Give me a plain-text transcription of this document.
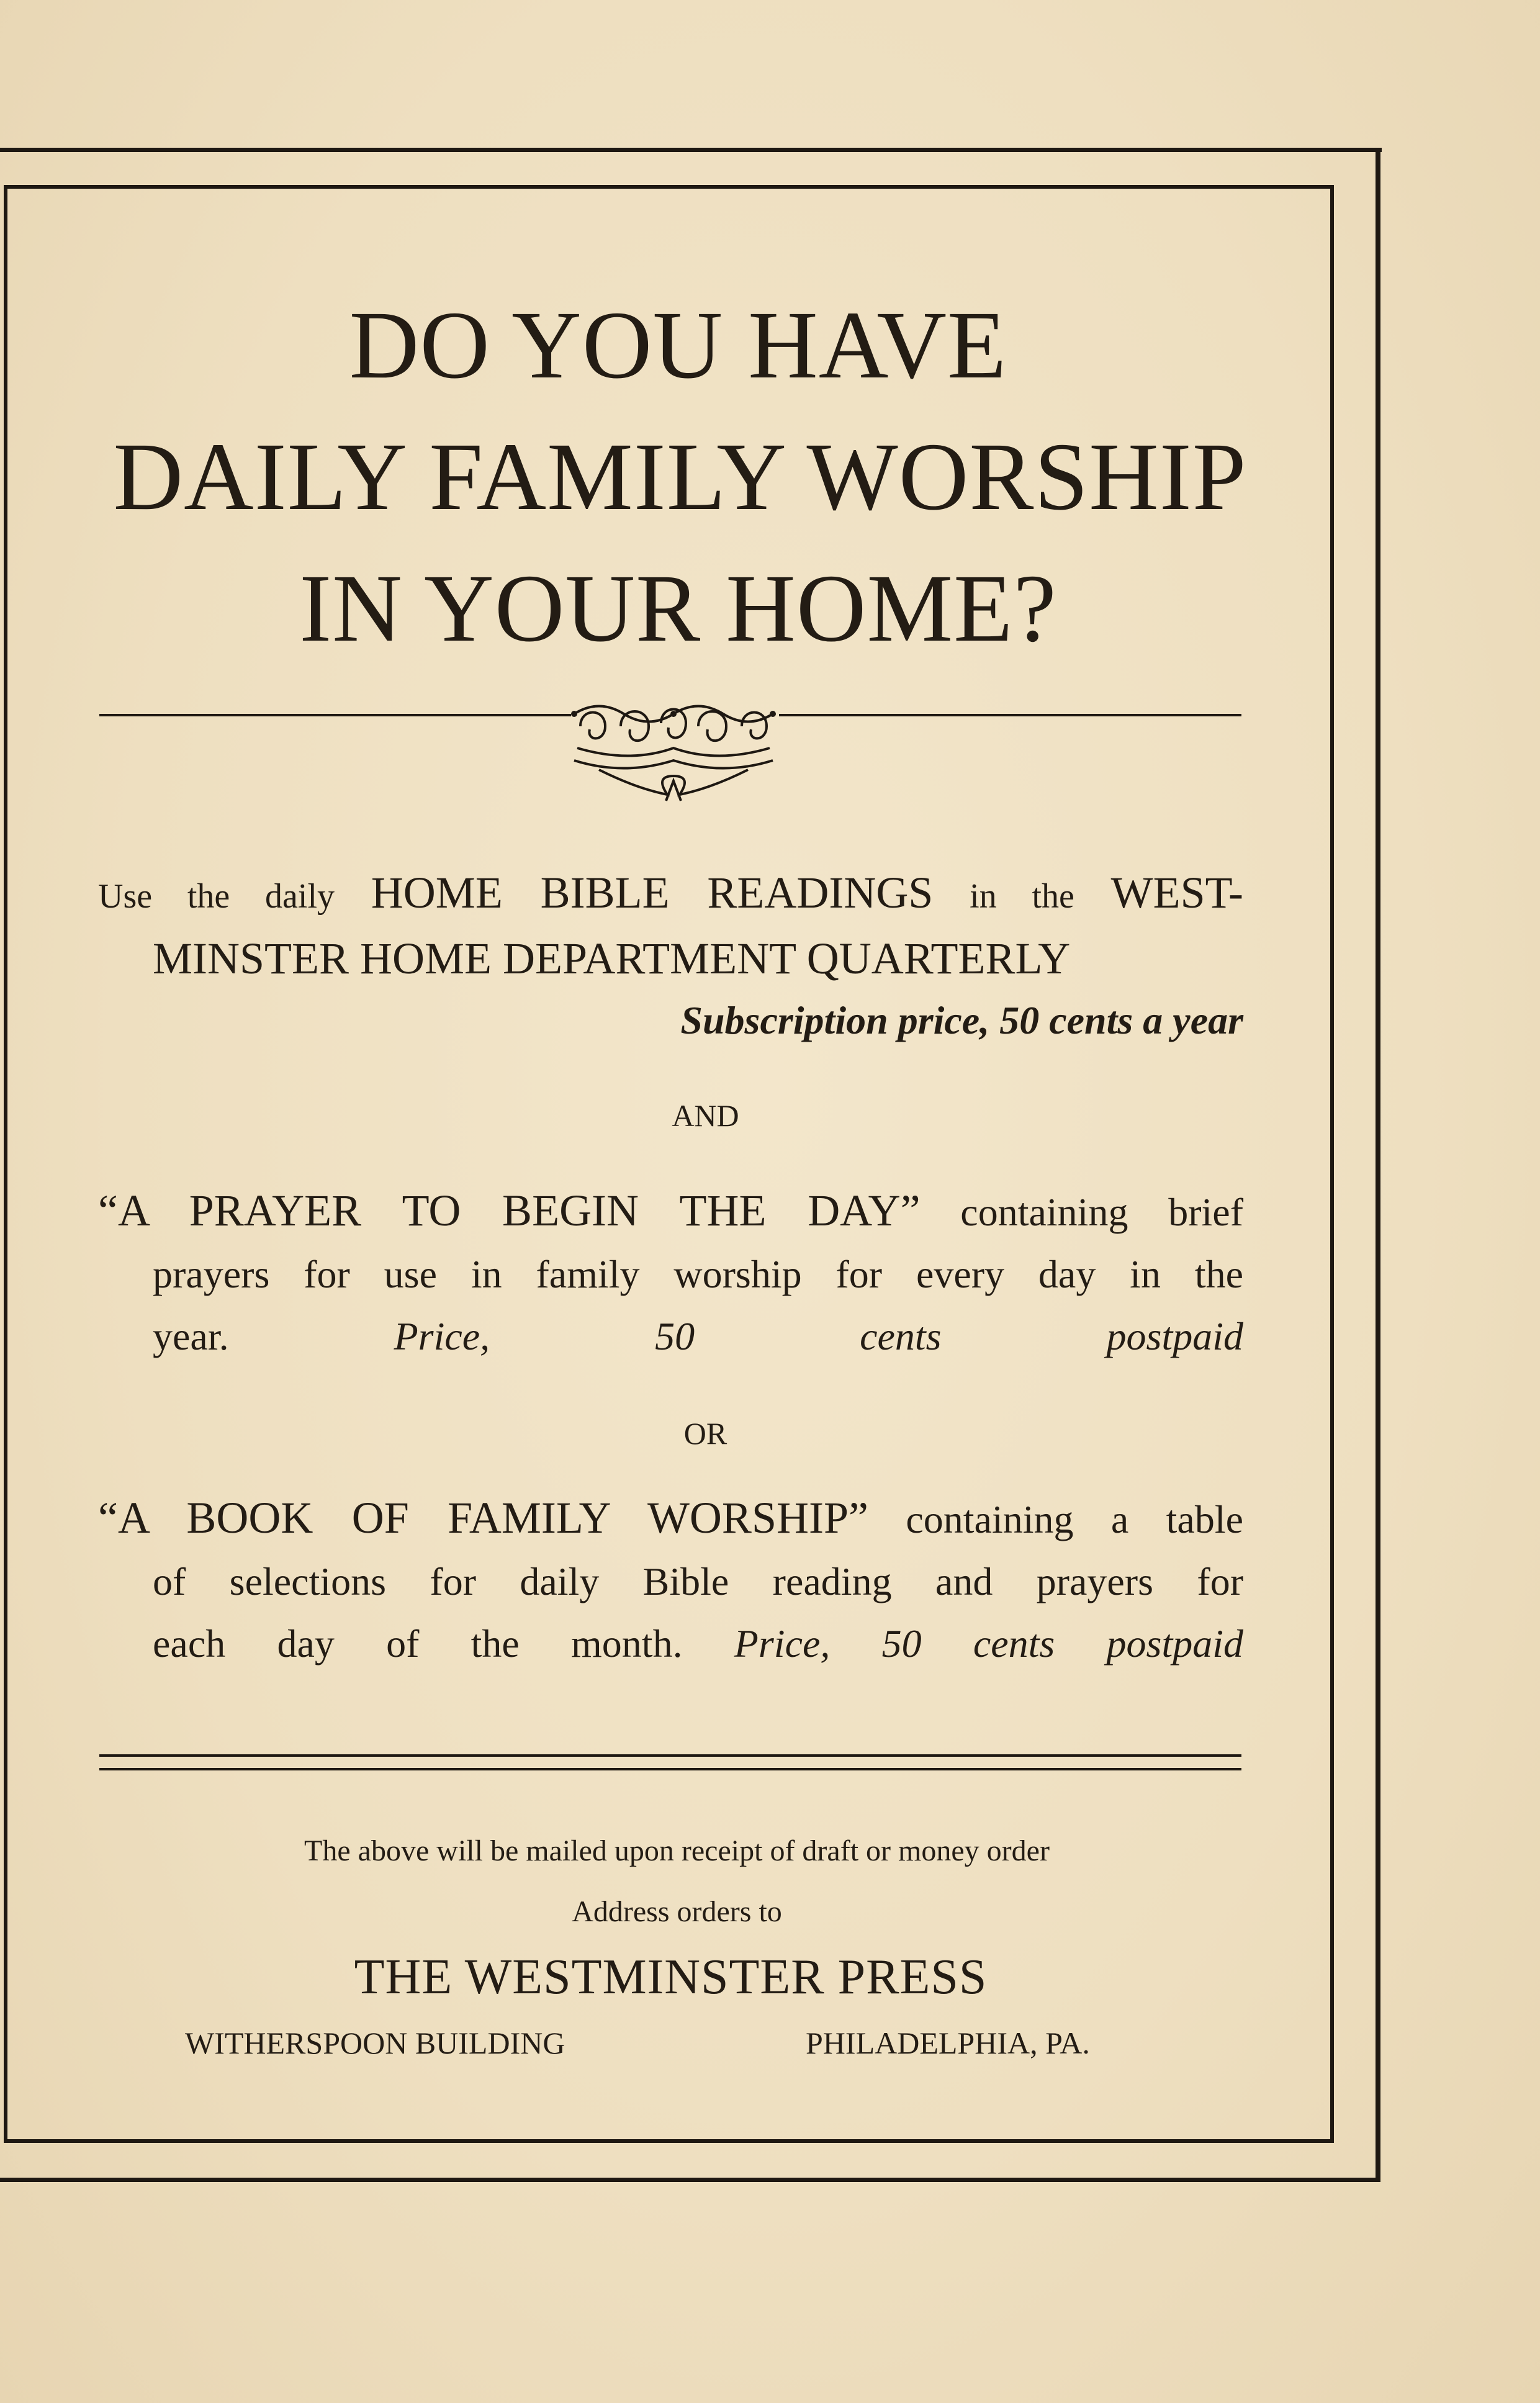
DO YOU HAVE
DAILY FAMILY WORSHIP
IN YOUR HOME?
Use the daily HOME BIBLE READINGS in the WEST-
MINSTER HOME DEPARTMENT QUARTERLY
Subscription price, 50 cents a year

AND

“A PRAYER TO BEGIN THE DAY” containing brief
prayers for use in family worship for every day in the
year.	Price, 50 cents postpaid

OR

“A BOOK OF FAMILY WORSHIP” containing a table
of selections for daily Bible reading and prayers for
each day of the month. Price, 50 cents postpaid

The above will be mailed upon receipt of draft or money order

Address orders to

THE WESTMINSTER PRESS

WITHERSPOON BUILDING	PHILADELPHIA, PA.
